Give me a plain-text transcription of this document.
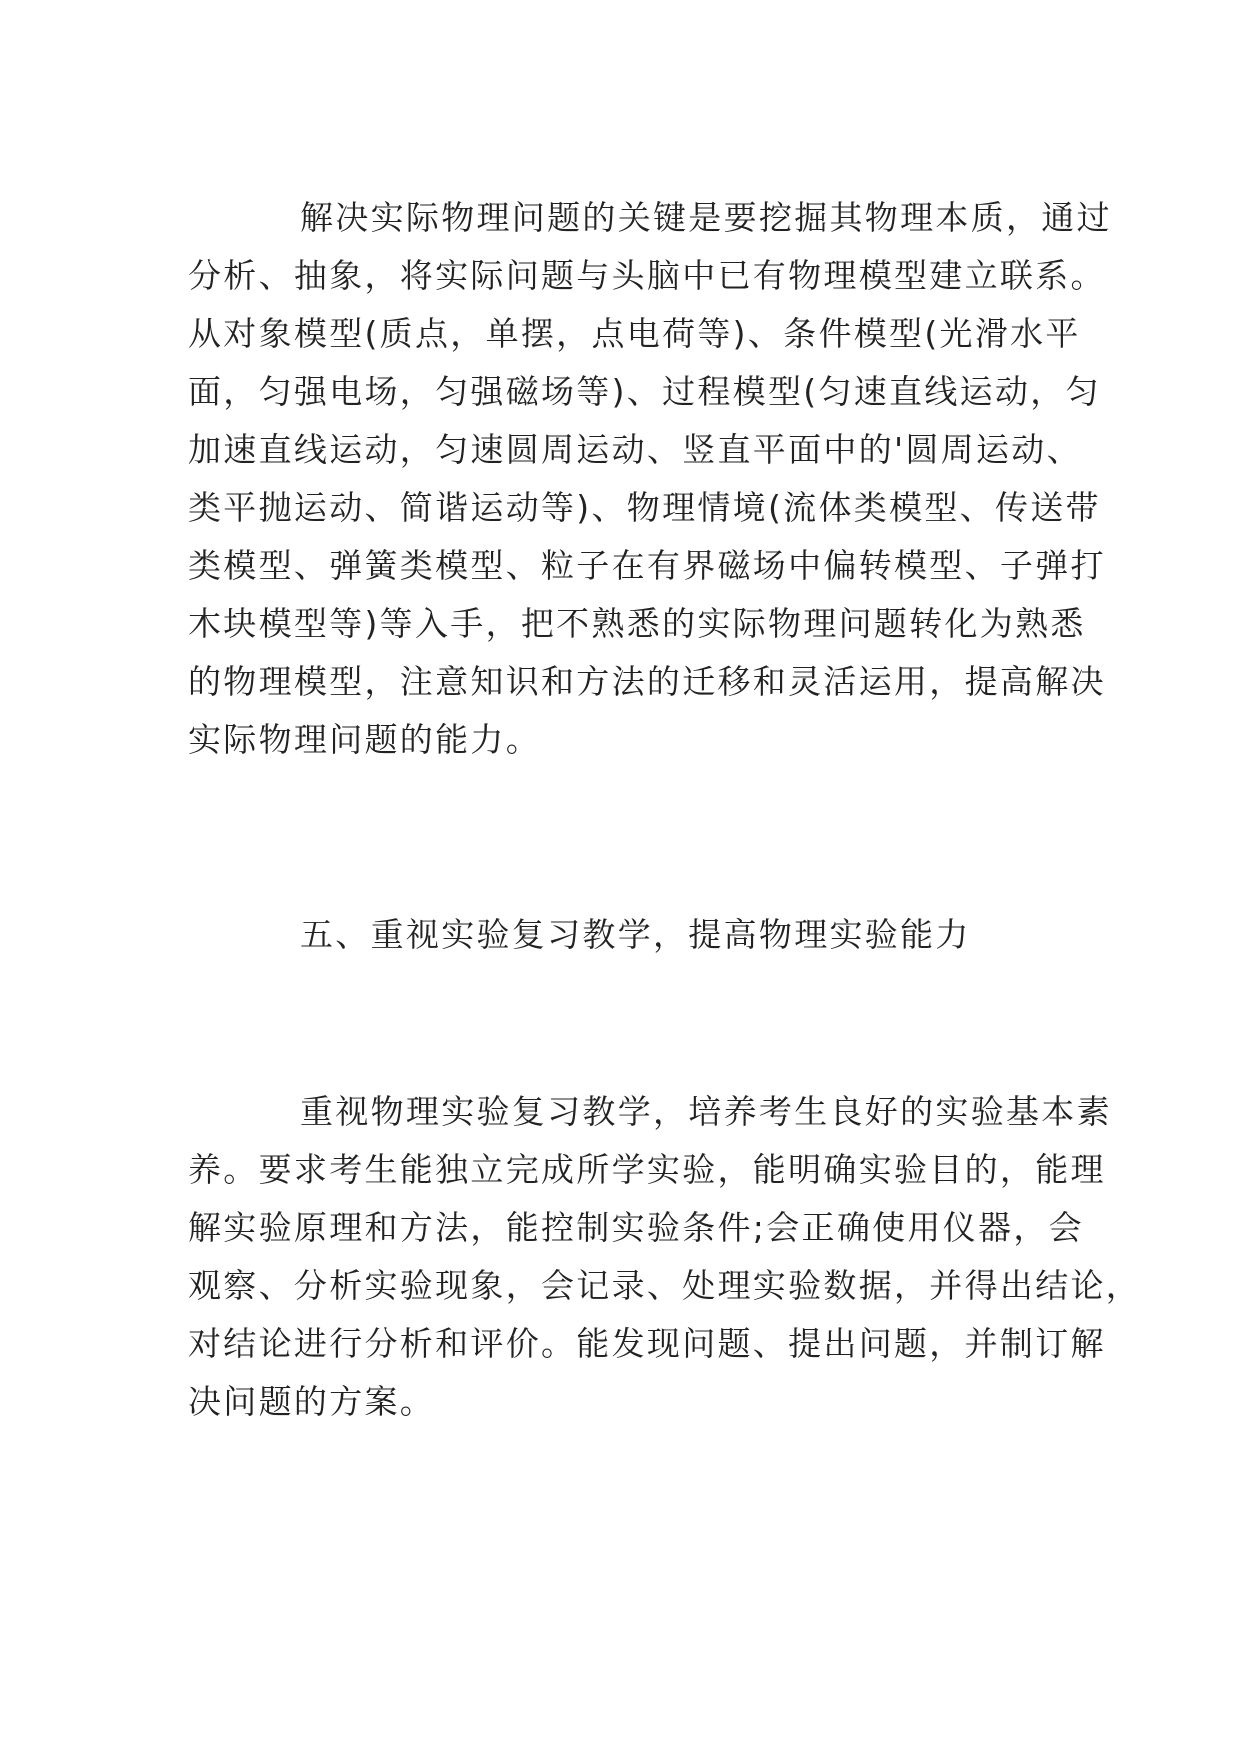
解决实际物理问题的关键是要挖掘其物理本质，通过

分析、抽象，将实际问题与头脑中已有物理模型建立联系。

从对象模型(质点，单摆，点电荷等)、条件模型(光滑水平

面，匀强电场，匀强磁场等)、过程模型(匀速直线运动，匀

加速直线运动，匀速圆周运动、竖直平面中的'圆周运动、

类平抛运动、简谐运动等)、物理情境(流体类模型、传送带

类模型、弹簧类模型、粒子在有界磁场中偏转模型、子弹打

木块模型等)等入手，把不熟悉的实际物理问题转化为熟悉

的物理模型，注意知识和方法的迁移和灵活运用，提高解决

实际物理问题的能力。

五、重视实验复习教学，提高物理实验能力

重视物理实验复习教学，培养考生良好的实验基本素

养。要求考生能独立完成所学实验，能明确实验目的，能理

解实验原理和方法，能控制实验条件;会正确使用仪器，会

观察、分析实验现象，会记录、处理实验数据，并得出结论，

对结论进行分析和评价。能发现问题、提出问题，并制订解

决问题的方案。
